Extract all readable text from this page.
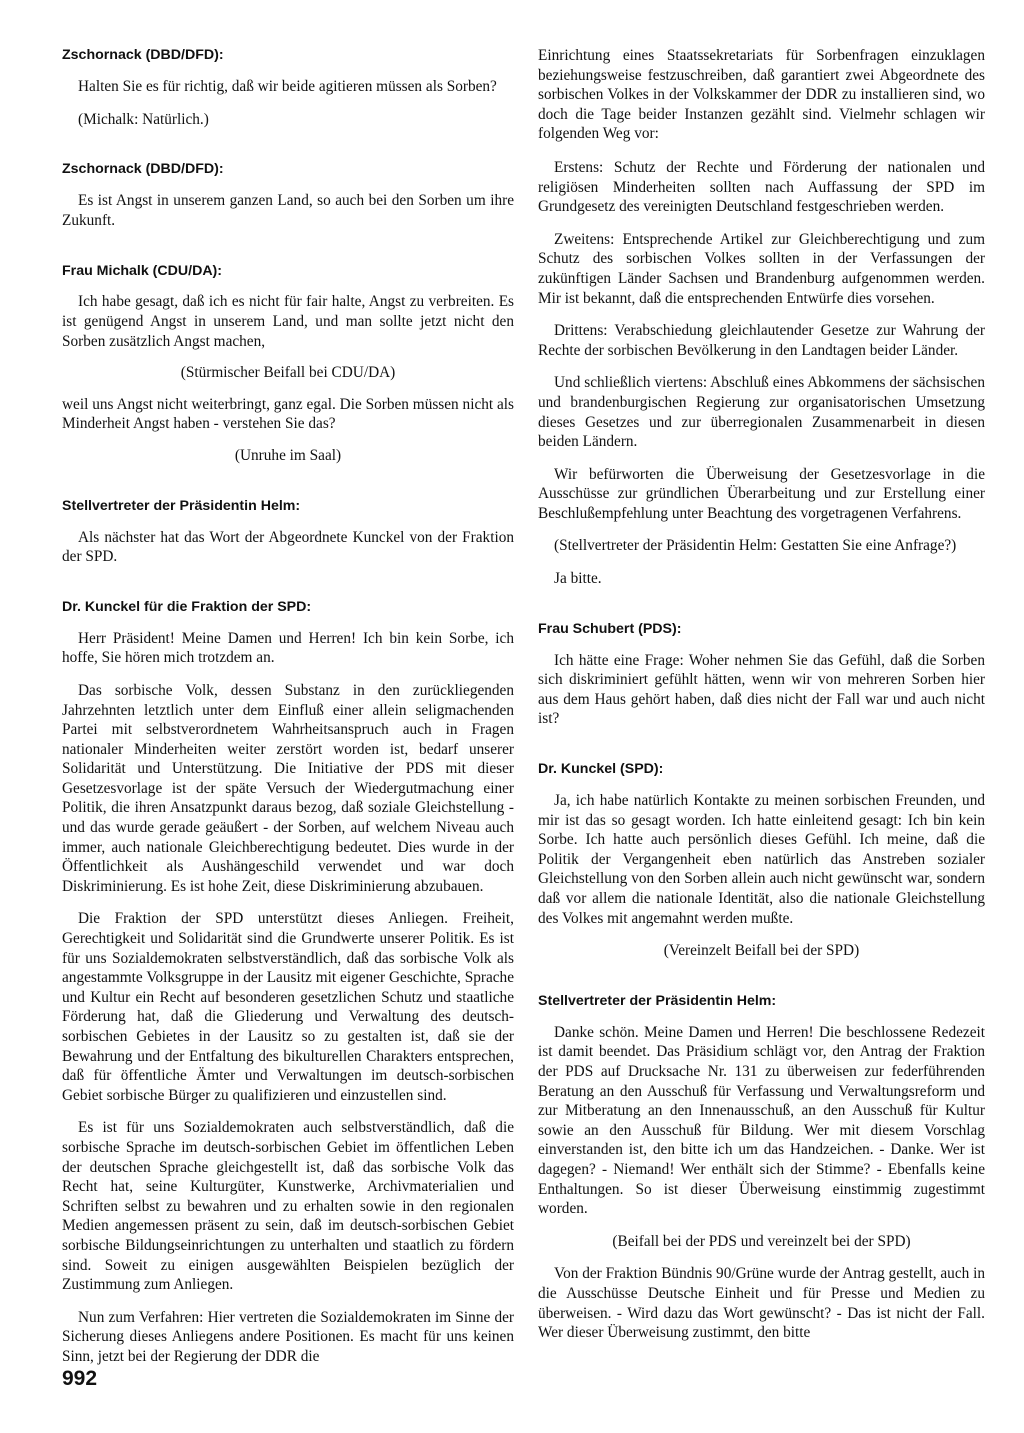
Zschornack (DBD/DFD):

Halten Sie es für richtig, daß wir beide agitieren müssen als Sorben?

(Michalk: Natürlich.)

Zschornack (DBD/DFD):

Es ist Angst in unserem ganzen Land, so auch bei den Sorben um ihre Zukunft.

Frau Michalk (CDU/DA):

Ich habe gesagt, daß ich es nicht für fair halte, Angst zu verbreiten. Es ist genügend Angst in unserem Land, und man sollte jetzt nicht den Sorben zusätzlich Angst machen,

(Stürmischer Beifall bei CDU/DA)

weil uns Angst nicht weiterbringt, ganz egal. Die Sorben müssen nicht als Minderheit Angst haben - verstehen Sie das?

(Unruhe im Saal)

Stellvertreter der Präsidentin Helm:

Als nächster hat das Wort der Abgeordnete Kunckel von der Fraktion der SPD.

Dr. Kunckel für die Fraktion der SPD:

Herr Präsident! Meine Damen und Herren! Ich bin kein Sorbe, ich hoffe, Sie hören mich trotzdem an.

Das sorbische Volk, dessen Substanz in den zurückliegenden Jahrzehnten letztlich unter dem Einfluß einer allein seligmachenden Partei mit selbstverordnetem Wahrheitsanspruch auch in Fragen nationaler Minderheiten weiter zerstört worden ist, bedarf unserer Solidarität und Unterstützung. Die Initiative der PDS mit dieser Gesetzesvorlage ist der späte Versuch der Wiedergutmachung einer Politik, die ihren Ansatzpunkt daraus bezog, daß soziale Gleichstellung - und das wurde gerade geäußert - der Sorben, auf welchem Niveau auch immer, auch nationale Gleichberechtigung bedeutet. Dies wurde in der Öffentlichkeit als Aushängeschild verwendet und war doch Diskriminierung. Es ist hohe Zeit, diese Diskriminierung abzubauen.

Die Fraktion der SPD unterstützt dieses Anliegen. Freiheit, Gerechtigkeit und Solidarität sind die Grundwerte unserer Politik. Es ist für uns Sozialdemokraten selbstverständlich, daß das sorbische Volk als angestammte Volksgruppe in der Lausitz mit eigener Geschichte, Sprache und Kultur ein Recht auf besonderen gesetzlichen Schutz und staatliche Förderung hat, daß die Gliederung und Verwaltung des deutsch-sorbischen Gebietes in der Lausitz so zu gestalten ist, daß sie der Bewahrung und der Entfaltung des bikulturellen Charakters entsprechen, daß für öffentliche Ämter und Verwaltungen im deutsch-sorbischen Gebiet sorbische Bürger zu qualifizieren und einzustellen sind.

Es ist für uns Sozialdemokraten auch selbstverständlich, daß die sorbische Sprache im deutsch-sorbischen Gebiet im öffentlichen Leben der deutschen Sprache gleichgestellt ist, daß das sorbische Volk das Recht hat, seine Kulturgüter, Kunstwerke, Archivmaterialien und Schriften selbst zu bewahren und zu erhalten sowie in den regionalen Medien angemessen präsent zu sein, daß im deutsch-sorbischen Gebiet sorbische Bildungseinrichtungen zu unterhalten und staatlich zu fördern sind. Soweit zu einigen ausgewählten Beispielen bezüglich der Zustimmung zum Anliegen.

Nun zum Verfahren: Hier vertreten die Sozialdemokraten im Sinne der Sicherung dieses Anliegens andere Positionen. Es macht für uns keinen Sinn, jetzt bei der Regierung der DDR die

Einrichtung eines Staatssekretariats für Sorbenfragen einzuklagen beziehungsweise festzuschreiben, daß garantiert zwei Abgeordnete des sorbischen Volkes in der Volkskammer der DDR zu installieren sind, wo doch die Tage beider Instanzen gezählt sind. Vielmehr schlagen wir folgenden Weg vor:

Erstens: Schutz der Rechte und Förderung der nationalen und religiösen Minderheiten sollten nach Auffassung der SPD im Grundgesetz des vereinigten Deutschland festgeschrieben werden.

Zweitens: Entsprechende Artikel zur Gleichberechtigung und zum Schutz des sorbischen Volkes sollten in der Verfassungen der zukünftigen Länder Sachsen und Brandenburg aufgenommen werden. Mir ist bekannt, daß die entsprechenden Entwürfe dies vorsehen.

Drittens: Verabschiedung gleichlautender Gesetze zur Wahrung der Rechte der sorbischen Bevölkerung in den Landtagen beider Länder.

Und schließlich viertens: Abschluß eines Abkommens der sächsischen und brandenburgischen Regierung zur organisatorischen Umsetzung dieses Gesetzes und zur überregionalen Zusammenarbeit in diesen beiden Ländern.

Wir befürworten die Überweisung der Gesetzesvorlage in die Ausschüsse zur gründlichen Überarbeitung und zur Erstellung einer Beschlußempfehlung unter Beachtung des vorgetragenen Verfahrens.

(Stellvertreter der Präsidentin Helm: Gestatten Sie eine Anfrage?)

Ja bitte.

Frau Schubert (PDS):

Ich hätte eine Frage: Woher nehmen Sie das Gefühl, daß die Sorben sich diskriminiert gefühlt hätten, wenn wir von mehreren Sorben hier aus dem Haus gehört haben, daß dies nicht der Fall war und auch nicht ist?

Dr. Kunckel (SPD):

Ja, ich habe natürlich Kontakte zu meinen sorbischen Freunden, und mir ist das so gesagt worden. Ich hatte einleitend gesagt: Ich bin kein Sorbe. Ich hatte auch persönlich dieses Gefühl. Ich meine, daß die Politik der Vergangenheit eben natürlich das Anstreben sozialer Gleichstellung von den Sorben allein auch nicht gewünscht war, sondern daß vor allem die nationale Identität, also die nationale Gleichstellung des Volkes mit angemahnt werden mußte.

(Vereinzelt Beifall bei der SPD)

Stellvertreter der Präsidentin Helm:

Danke schön. Meine Damen und Herren! Die beschlossene Redezeit ist damit beendet. Das Präsidium schlägt vor, den Antrag der Fraktion der PDS auf Drucksache Nr. 131 zu überweisen zur federführenden Beratung an den Ausschuß für Verfassung und Verwaltungsreform und zur Mitberatung an den Innenausschuß, an den Ausschuß für Kultur sowie an den Ausschuß für Bildung. Wer mit diesem Vorschlag einverstanden ist, den bitte ich um das Handzeichen. - Danke. Wer ist dagegen? - Niemand! Wer enthält sich der Stimme? - Ebenfalls keine Enthaltungen. So ist dieser Überweisung einstimmig zugestimmt worden.

(Beifall bei der PDS und vereinzelt bei der SPD)

Von der Fraktion Bündnis 90/Grüne wurde der Antrag gestellt, auch in die Ausschüsse Deutsche Einheit und für Presse und Medien zu überweisen. - Wird dazu das Wort gewünscht? - Das ist nicht der Fall. Wer dieser Überweisung zustimmt, den bitte

992
